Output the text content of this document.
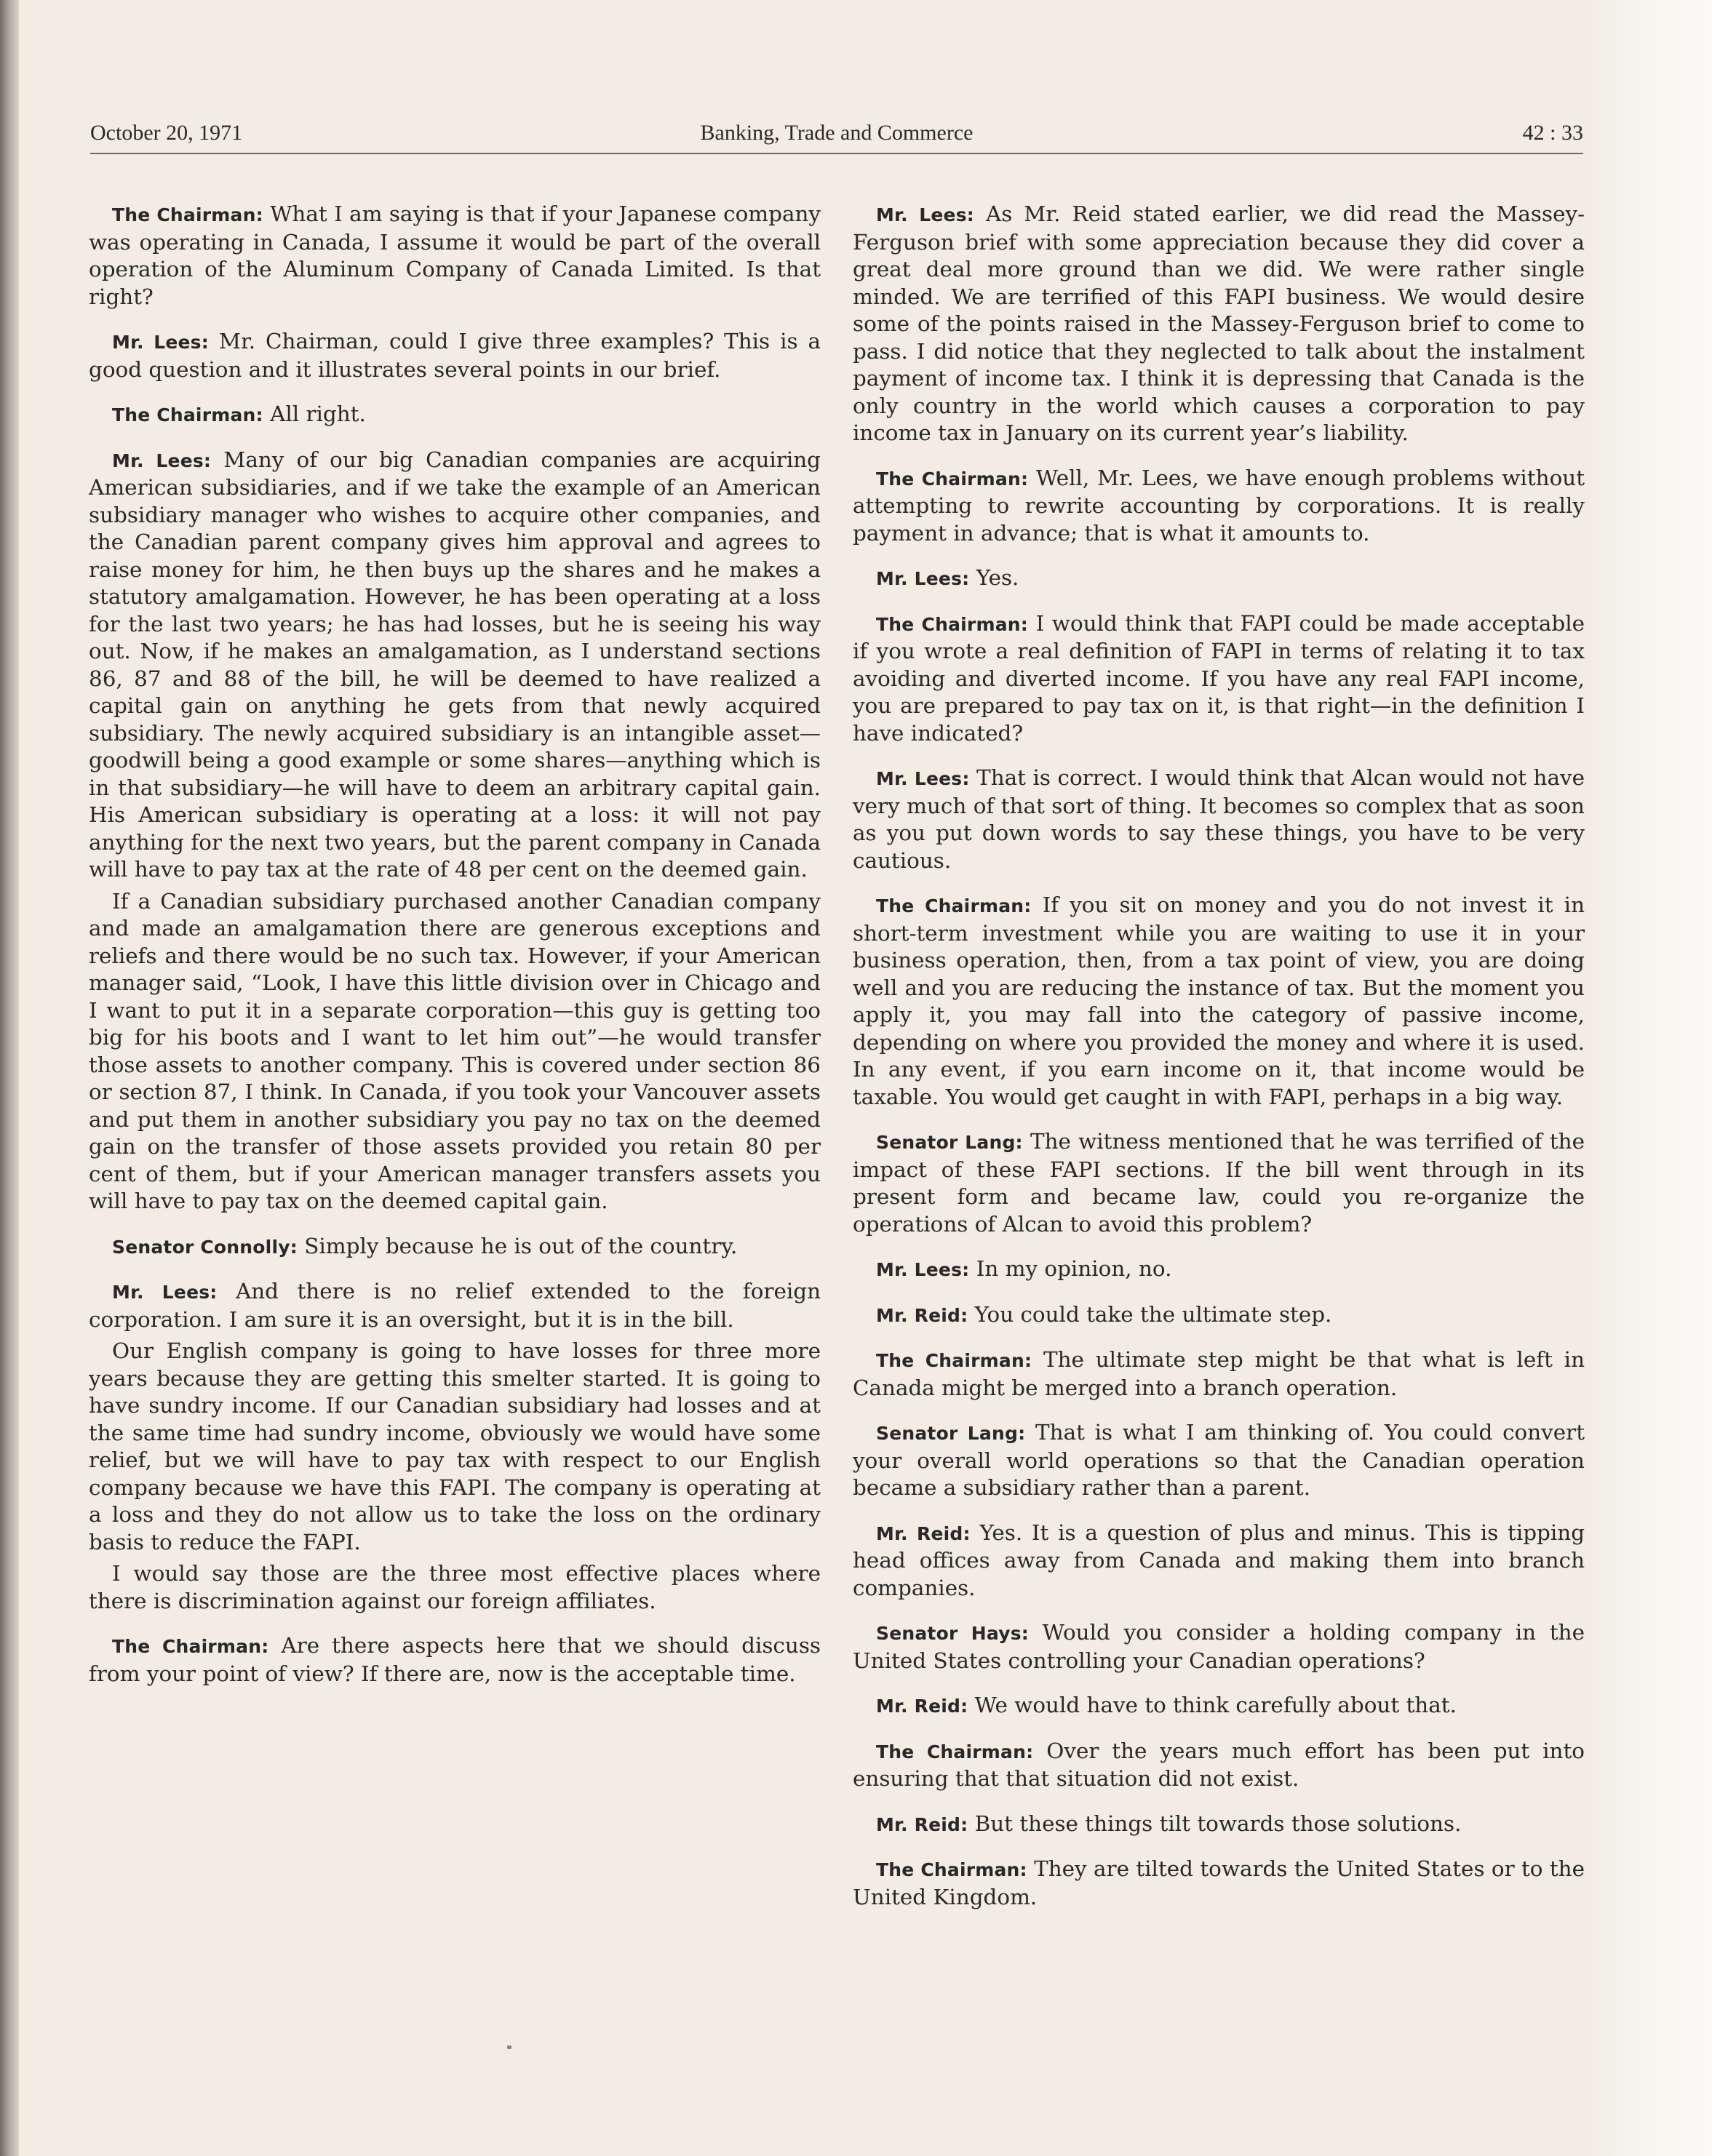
October 20, 1971	Banking, Trade and Commerce	42 : 33

The Chairman: What I am saying is that if your Japanese company was operating in Canada, I assume it would be part of the overall operation of the Aluminum Company of Canada Limited. Is that right?

Mr. Lees: Mr. Chairman, could I give three examples? This is a good question and it illustrates several points in our brief.

The Chairman: All right.

Mr. Lees: Many of our big Canadian companies are acquiring American subsidiaries, and if we take the example of an American subsidiary manager who wishes to acquire other companies, and the Canadian parent company gives him approval and agrees to raise money for him, he then buys up the shares and he makes a statutory amalgamation. However, he has been operating at a loss for the last two years; he has had losses, but he is seeing his way out. Now, if he makes an amalgamation, as I understand sections 86, 87 and 88 of the bill, he will be deemed to have realized a capital gain on anything he gets from that newly acquired subsidiary. The newly acquired subsidiary is an intangible asset—goodwill being a good example or some shares—anything which is in that subsidiary—he will have to deem an arbitrary capital gain. His American subsidiary is operating at a loss: it will not pay anything for the next two years, but the parent company in Canada will have to pay tax at the rate of 48 per cent on the deemed gain.

If a Canadian subsidiary purchased another Canadian company and made an amalgamation there are generous exceptions and reliefs and there would be no such tax. However, if your American manager said, “Look, I have this little division over in Chicago and I want to put it in a separate corporation—this guy is getting too big for his boots and I want to let him out”—he would transfer those assets to another company. This is covered under section 86 or section 87, I think. In Canada, if you took your Vancouver assets and put them in another subsidiary you pay no tax on the deemed gain on the transfer of those assets provided you retain 80 per cent of them, but if your American manager transfers assets you will have to pay tax on the deemed capital gain.

Senator Connolly: Simply because he is out of the country.

Mr. Lees: And there is no relief extended to the foreign corporation. I am sure it is an oversight, but it is in the bill.

Our English company is going to have losses for three more years because they are getting this smelter started. It is going to have sundry income. If our Canadian subsidiary had losses and at the same time had sundry income, obviously we would have some relief, but we will have to pay tax with respect to our English company because we have this FAPI. The company is operating at a loss and they do not allow us to take the loss on the ordinary basis to reduce the FAPI.

I would say those are the three most effective places where there is discrimination against our foreign affiliates.

The Chairman: Are there aspects here that we should discuss from your point of view? If there are, now is the acceptable time.

Mr. Lees: As Mr. Reid stated earlier, we did read the Massey-Ferguson brief with some appreciation because they did cover a great deal more ground than we did. We were rather single minded. We are terrified of this FAPI business. We would desire some of the points raised in the Massey-Ferguson brief to come to pass. I did notice that they neglected to talk about the instalment payment of income tax. I think it is depressing that Canada is the only country in the world which causes a corporation to pay income tax in January on its current year’s liability.

The Chairman: Well, Mr. Lees, we have enough problems without attempting to rewrite accounting by corporations. It is really payment in advance; that is what it amounts to.

Mr. Lees: Yes.

The Chairman: I would think that FAPI could be made acceptable if you wrote a real definition of FAPI in terms of relating it to tax avoiding and diverted income. If you have any real FAPI income, you are prepared to pay tax on it, is that right—in the definition I have indicated?

Mr. Lees: That is correct. I would think that Alcan would not have very much of that sort of thing. It becomes so complex that as soon as you put down words to say these things, you have to be very cautious.

The Chairman: If you sit on money and you do not invest it in short-term investment while you are waiting to use it in your business operation, then, from a tax point of view, you are doing well and you are reducing the instance of tax. But the moment you apply it, you may fall into the category of passive income, depending on where you provided the money and where it is used. In any event, if you earn income on it, that income would be taxable. You would get caught in with FAPI, perhaps in a big way.

Senator Lang: The witness mentioned that he was terrified of the impact of these FAPI sections. If the bill went through in its present form and became law, could you re-organize the operations of Alcan to avoid this problem?

Mr. Lees: In my opinion, no.

Mr. Reid: You could take the ultimate step.

The Chairman: The ultimate step might be that what is left in Canada might be merged into a branch operation.

Senator Lang: That is what I am thinking of. You could convert your overall world operations so that the Canadian operation became a subsidiary rather than a parent.

Mr. Reid: Yes. It is a question of plus and minus. This is tipping head offices away from Canada and making them into branch companies.

Senator Hays: Would you consider a holding company in the United States controlling your Canadian operations?

Mr. Reid: We would have to think carefully about that.

The Chairman: Over the years much effort has been put into ensuring that that situation did not exist.

Mr. Reid: But these things tilt towards those solutions.

The Chairman: They are tilted towards the United States or to the United Kingdom.
